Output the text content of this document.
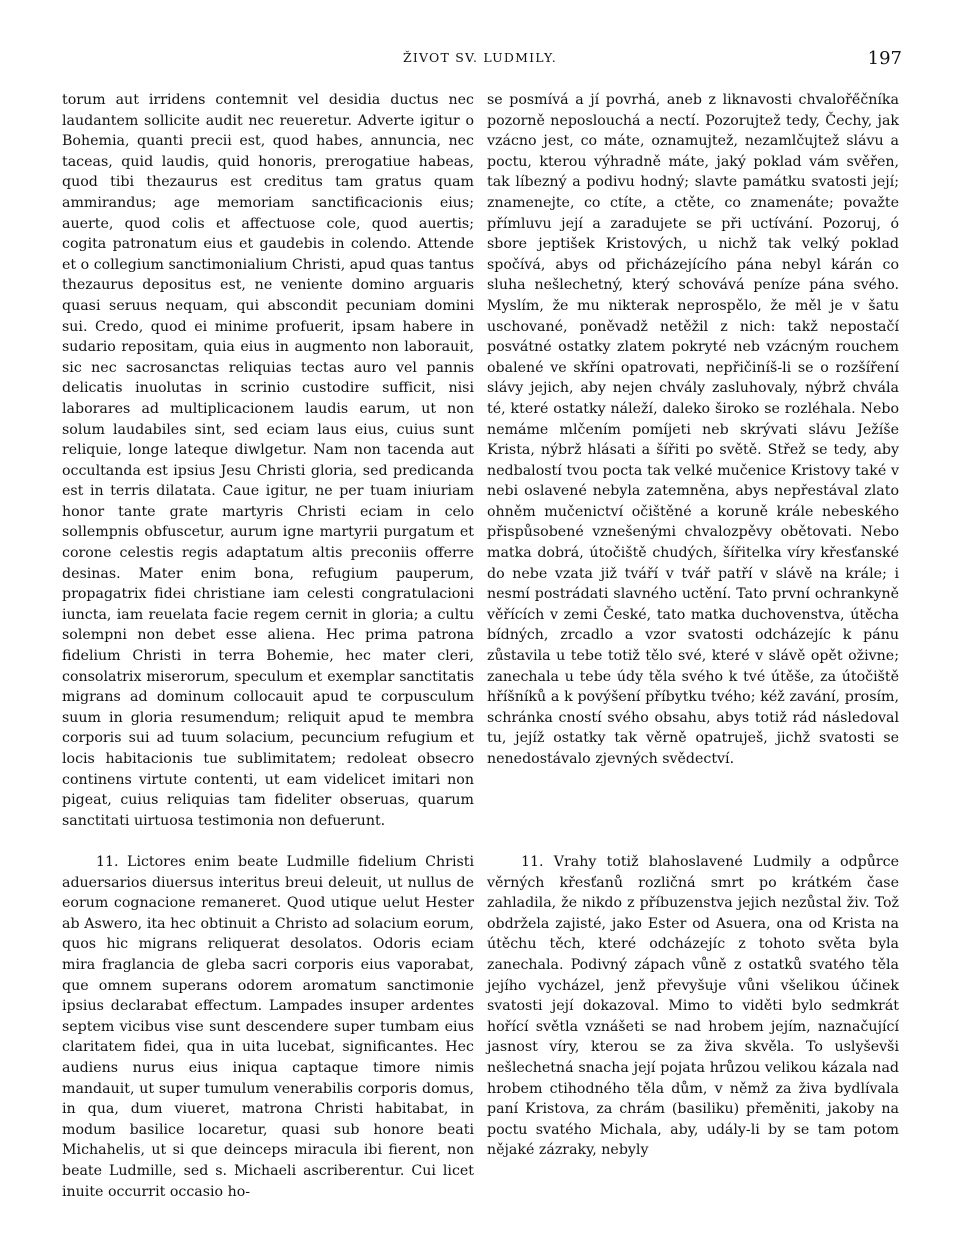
ŽIVOT SV. LUDMILY.	197

torum aut irridens contemnit vel desidia ductus nec laudantem sollicite audit nec reueretur. Adverte igitur o Bohemia, quanti precii est, quod habes, annuncia, nec taceas, quid laudis, quid honoris, prerogatiue habeas, quod tibi thezaurus est creditus tam gratus quam ammirandus; age memoriam sanctificacionis eius; auerte, quod colis et affectuose cole, quod auertis; cogita patronatum eius et gaudebis in colendo. Attende et o collegium sanctimonialium Christi, apud quas tantus thezaurus depositus est, ne veniente domino arguaris quasi seruus nequam, qui abscondit pecuniam domini sui. Credo, quod ei minime profuerit, ipsam habere in sudario repositam, quia eius in augmento non laborauit, sic nec sacrosanctas reliquias tectas auro vel pannis delicatis inuolutas in scrinio custodire sufficit, nisi laborares ad multiplicacionem laudis earum, ut non solum laudabiles sint, sed eciam laus eius, cuius sunt reliquie, longe lateque diwlgetur. Nam non tacenda aut occultanda est ipsius Jesu Christi gloria, sed predicanda est in terris dilatata. Caue igitur, ne per tuam iniuriam honor tante grate martyris Christi eciam in celo sollempnis obfuscetur, aurum igne martyrii purgatum et corone celestis regis adaptatum altis preconiis offerre desinas. Mater enim bona, refugium pauperum, propagatrix fidei christiane iam celesti congratulacioni iuncta, iam reuelata facie regem cernit in gloria; a cultu solempni non debet esse aliena. Hec prima patrona fidelium Christi in terra Bohemie, hec mater cleri, consolatrix miserorum, speculum et exemplar sanctitatis migrans ad dominum collocauit apud te corpusculum suum in gloria resumendum; reliquit apud te membra corporis sui ad tuum solacium, pecuncium refugium et locis habitacionis tue sublimitatem; redoleat obsecro continens virtute contenti, ut eam videlicet imitari non pigeat, cuius reliquias tam fideliter obseruas, quarum sanctitati uirtuosa testimonia non defuerunt.

se posmívá a jí povrhá, aneb z liknavosti chvaloře̋čníka pozorně neposlouchá a nectí. Pozorujtež tedy, Čechy, jak vzácno jest, co máte, oznamujtež, nezamlčujtež slávu a poctu, kterou výhradně máte, jaký poklad vám svěřen, tak líbezný a podivu hodný; slavte památku svatosti její; znamenejte, co ctíte, a ctěte, co znamenáte; považte přímluvu její a zaradujete se při uctívání. Pozoruj, ó sbore jeptišek Kristových, u nichž tak velký poklad spočívá, abys od přicházejícího pána nebyl kárán co sluha nešlechetný, který schovává peníze pána svého. Myslím, že mu nikterak neprospělo, že měl je v šatu uschované, poněvadž netěžil z nich: takž nepostačí posvátné ostatky zlatem pokryté neb vzácným rouchem obalené ve skříni opatrovati, nepřičiníš-li se o rozšíření slávy jejich, aby nejen chvály zasluhovaly, nýbrž chvála té, které ostatky náleží, daleko široko se rozléhala. Nebo nemáme mlčením pomíjeti neb skrývati slávu Ježíše Krista, nýbrž hlásati a šířiti po světě. Střež se tedy, aby nedbalostí tvou pocta tak velké mučenice Kristovy také v nebi oslavené nebyla zatemněna, abys nepřestával zlato ohněm mučenictví očištěné a koruně krále nebeského přispůsobené vznešenými chvalozpěvy obětovati. Nebo matka dobrá, útočiště chudých, šířitelka víry křesťanské do nebe vzata již tváří v tvář patří v slávě na krále; i nesmí postrádati slavného uctění. Tato první ochrankyně věřících v zemi České, tato matka duchovenstva, útěcha bídných, zrcadlo a vzor svatosti odcházejíc k pánu zůstavila u tebe totiž tělo své, které v slávě opět oživne; zanechala u tebe údy těla svého k tvé útěše, za útočiště hříšníků a k povýšení příbytku tvého; kéž zavání, prosím, schránka cností svého obsahu, abys totiž rád následoval tu, jejíž ostatky tak věrně opatruješ, jichž svatosti se nenedostávalo zjevných svědectví.

11. Lictores enim beate Ludmille fidelium Christi aduersarios diuersus interitus breui deleuit, ut nullus de eorum cognacione remaneret. Quod utique uelut Hester ab Aswero, ita hec obtinuit a Christo ad solacium eorum, quos hic migrans reliquerat desolatos. Odoris eciam mira fraglancia de gleba sacri corporis eius vaporabat, que omnem superans odorem aromatum sanctimonie ipsius declarabat effectum. Lampades insuper ardentes septem vicibus vise sunt descendere super tumbam eius claritatem fidei, qua in uita lucebat, significantes. Hec audiens nurus eius iniqua captaque timore nimis mandauit, ut super tumulum venerabilis corporis domus, in qua, dum viueret, matrona Christi habitabat, in modum basilice locaretur, quasi sub honore beati Michahelis, ut si que deinceps miracula ibi fierent, non beate Ludmille, sed s. Michaeli ascriberentur. Cui licet inuite occurrit occasio ho-

11. Vrahy totiž blahoslavené Ludmily a odpůrce věrných křesťanů rozličná smrt po krátkém čase zahladila, že nikdo z příbuzenstva jejich nezůstal živ. Tož obdržela zajisté, jako Ester od Asuera, ona od Krista na útěchu těch, které odcházejíc z tohoto světa byla zanechala. Podivný zápach vůně z ostatků svatého těla jejího vycházel, jenž převyšuje vůni všelikou účinek svatosti její dokazoval. Mimo to viděti bylo sedmkrát hořící světla vznášeti se nad hrobem jejím, naznačující jasnost víry, kterou se za živa skvěla. To uslyševši nešlechetná snacha její pojata hrůzou velikou kázala nad hrobem ctihodného těla dům, v němž za živa bydlívala paní Kristova, za chrám (basiliku) přeměniti, jakoby na poctu svatého Michala, aby, udály-li by se tam potom nějaké zázraky, nebyly
